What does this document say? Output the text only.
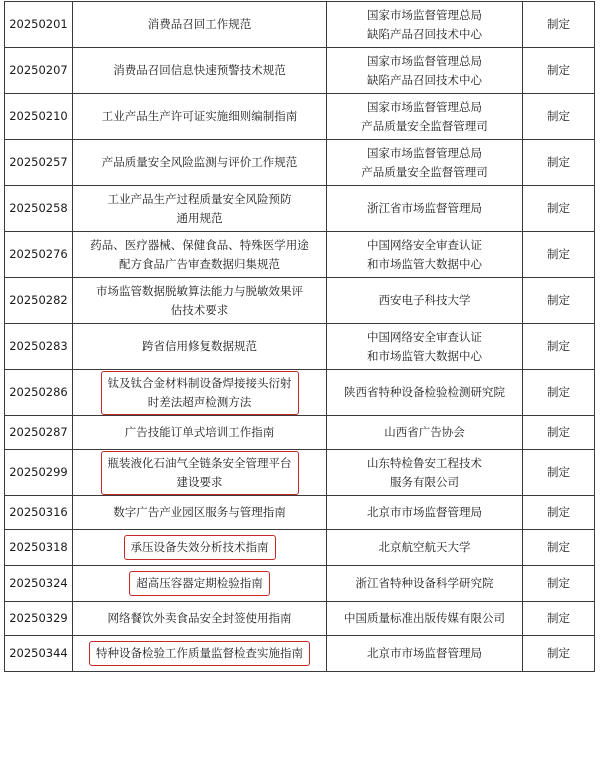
20250201	消费品召回工作规范	国家市场监督管理总局
缺陷产品召回技术中心	制定
20250207	消费品召回信息快速预警技术规范	国家市场监督管理总局
缺陷产品召回技术中心	制定
20250210	工业产品生产许可证实施细则编制指南	国家市场监督管理总局
产品质量安全监督管理司	制定
20250257	产品质量安全风险监测与评价工作规范	国家市场监督管理总局
产品质量安全监督管理司	制定
20250258	工业产品生产过程质量安全风险预防
通用规范	浙江省市场监督管理局	制定
20250276	药品、医疗器械、保健食品、特殊医学用途
配方食品广告审查数据归集规范	中国网络安全审查认证
和市场监管大数据中心	制定
20250282	市场监管数据脱敏算法能力与脱敏效果评
估技术要求	西安电子科技大学	制定
20250283	跨省信用修复数据规范	中国网络安全审查认证
和市场监管大数据中心	制定
20250286	钛及钛合金材料制设备焊接接头衍射
时差法超声检测方法	陕西省特种设备检验检测研究院	制定
20250287	广告技能订单式培训工作指南	山西省广告协会	制定
20250299	瓶装液化石油气全链条安全管理平台
建设要求	山东特检鲁安工程技术
服务有限公司	制定
20250316	数字广告产业园区服务与管理指南	北京市市场监督管理局	制定
20250318	承压设备失效分析技术指南	北京航空航天大学	制定
20250324	超高压容器定期检验指南	浙江省特种设备科学研究院	制定
20250329	网络餐饮外卖食品安全封签使用指南	中国质量标准出版传媒有限公司	制定
20250344	特种设备检验工作质量监督检查实施指南	北京市市场监督管理局	制定
